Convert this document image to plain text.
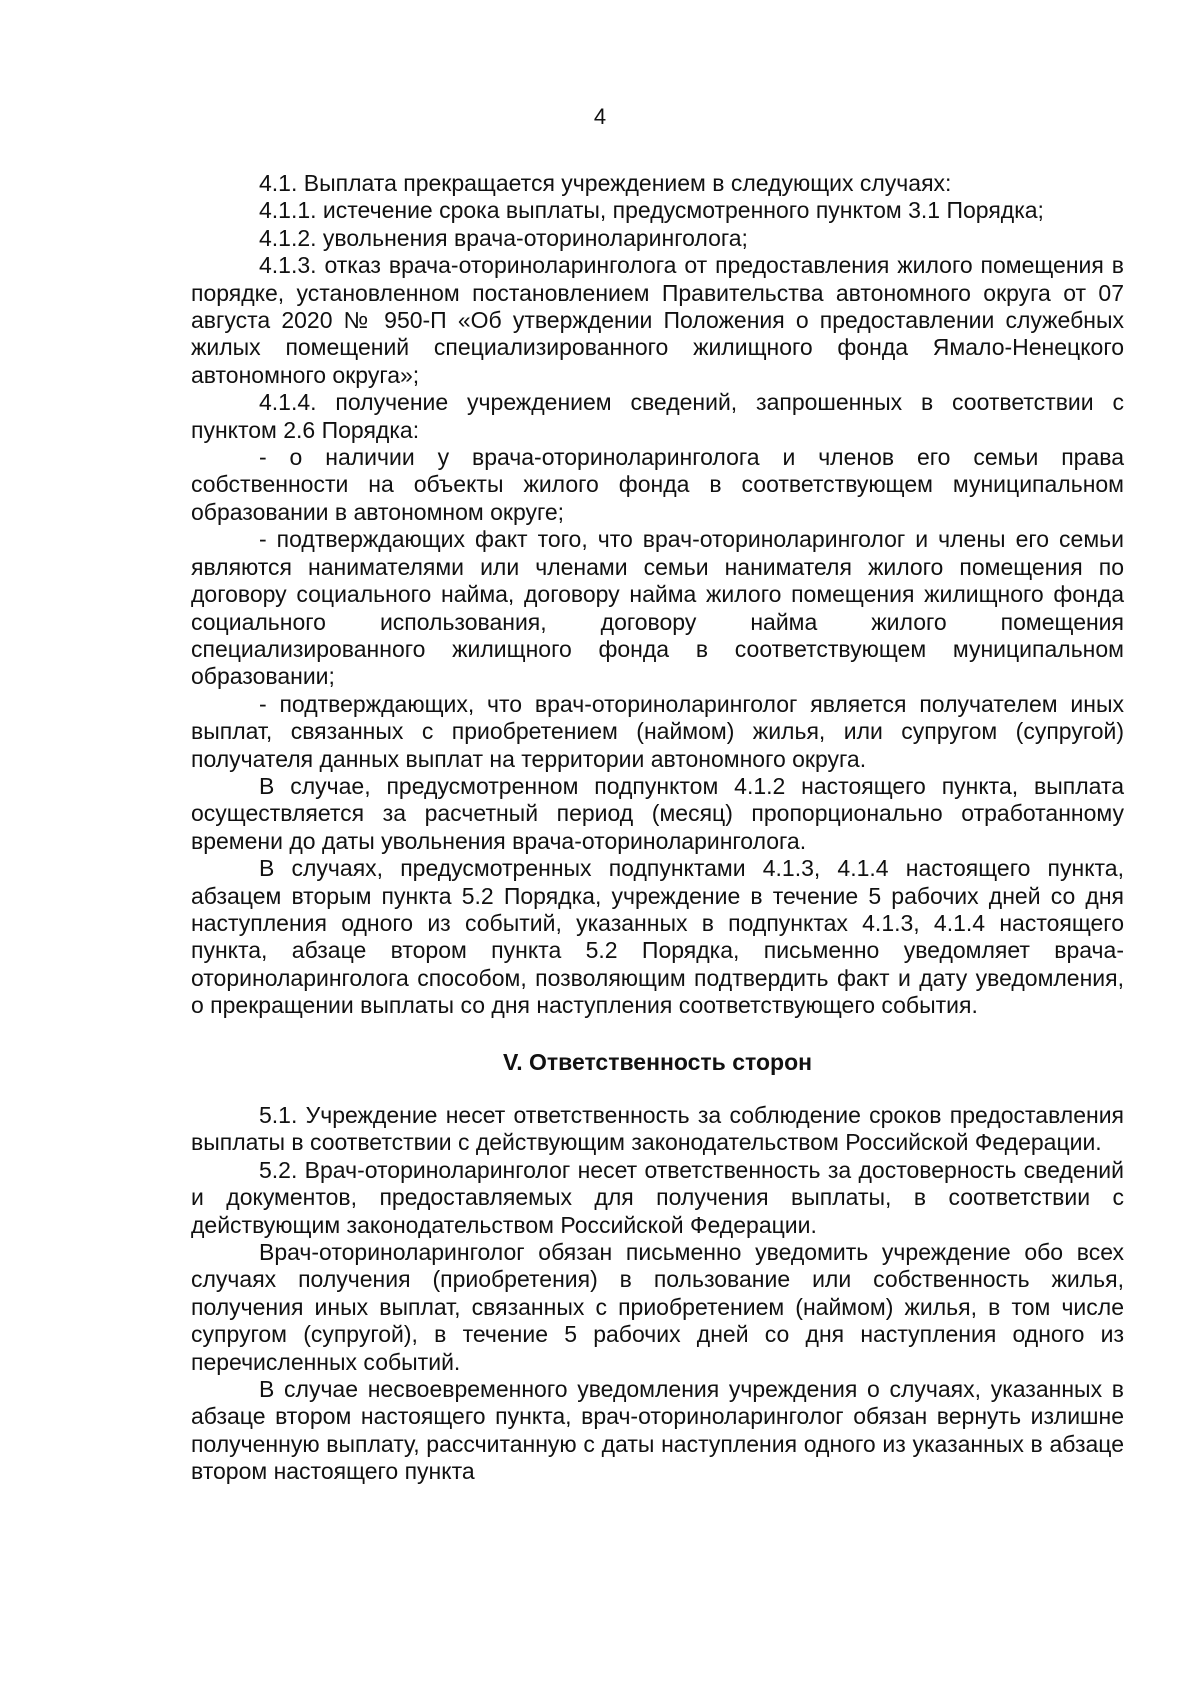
4

4.1. Выплата прекращается учреждением в следующих случаях:

4.1.1. истечение срока выплаты, предусмотренного пунктом 3.1 Порядка;

4.1.2. увольнения врача-оториноларинголога;

4.1.3. отказ врача-оториноларинголога от предоставления жилого помещения в порядке, установленном постановлением Правительства автономного округа от 07 августа 2020 № 950-П «Об утверждении Положения о предоставлении служебных жилых помещений специализированного жилищного фонда Ямало-Ненецкого автономного округа»;

4.1.4. получение учреждением сведений, запрошенных в соответствии с пунктом 2.6 Порядка:

- о наличии у врача-оториноларинголога и членов его семьи права собственности на объекты жилого фонда в соответствующем муниципальном образовании в автономном округе;

- подтверждающих факт того, что врач-оториноларинголог и члены его семьи являются нанимателями или членами семьи нанимателя жилого помещения по договору социального найма, договору найма жилого помещения жилищного фонда социального использования, договору найма жилого помещения специализированного жилищного фонда в соответствующем муниципальном образовании;

- подтверждающих, что врач-оториноларинголог является получателем иных выплат, связанных с приобретением (наймом) жилья, или супругом (супругой) получателя данных выплат на территории автономного округа.

В случае, предусмотренном подпунктом 4.1.2 настоящего пункта, выплата осуществляется за расчетный период (месяц) пропорционально отработанному времени до даты увольнения врача-оториноларинголога.

В случаях, предусмотренных подпунктами 4.1.3, 4.1.4 настоящего пункта, абзацем вторым пункта 5.2 Порядка, учреждение в течение 5 рабочих дней со дня наступления одного из событий, указанных в подпунктах 4.1.3, 4.1.4 настоящего пункта, абзаце втором пункта 5.2 Порядка, письменно уведомляет врача-оториноларинголога способом, позволяющим подтвердить факт и дату уведомления, о прекращении выплаты со дня наступления соответствующего события.

V. Ответственность сторон

5.1. Учреждение несет ответственность за соблюдение сроков предоставления выплаты в соответствии с действующим законодательством Российской Федерации.

5.2. Врач-оториноларинголог несет ответственность за достоверность сведений и документов, предоставляемых для получения выплаты, в соответствии с действующим законодательством Российской Федерации.

Врач-оториноларинголог обязан письменно уведомить учреждение обо всех случаях получения (приобретения) в пользование или собственность жилья, получения иных выплат, связанных с приобретением (наймом) жилья, в том числе супругом (супругой), в течение 5 рабочих дней со дня наступления одного из перечисленных событий.

В случае несвоевременного уведомления учреждения о случаях, указанных в абзаце втором настоящего пункта, врач-оториноларинголог обязан вернуть излишне полученную выплату, рассчитанную с даты наступления одного из указанных в абзаце втором настоящего пункта
